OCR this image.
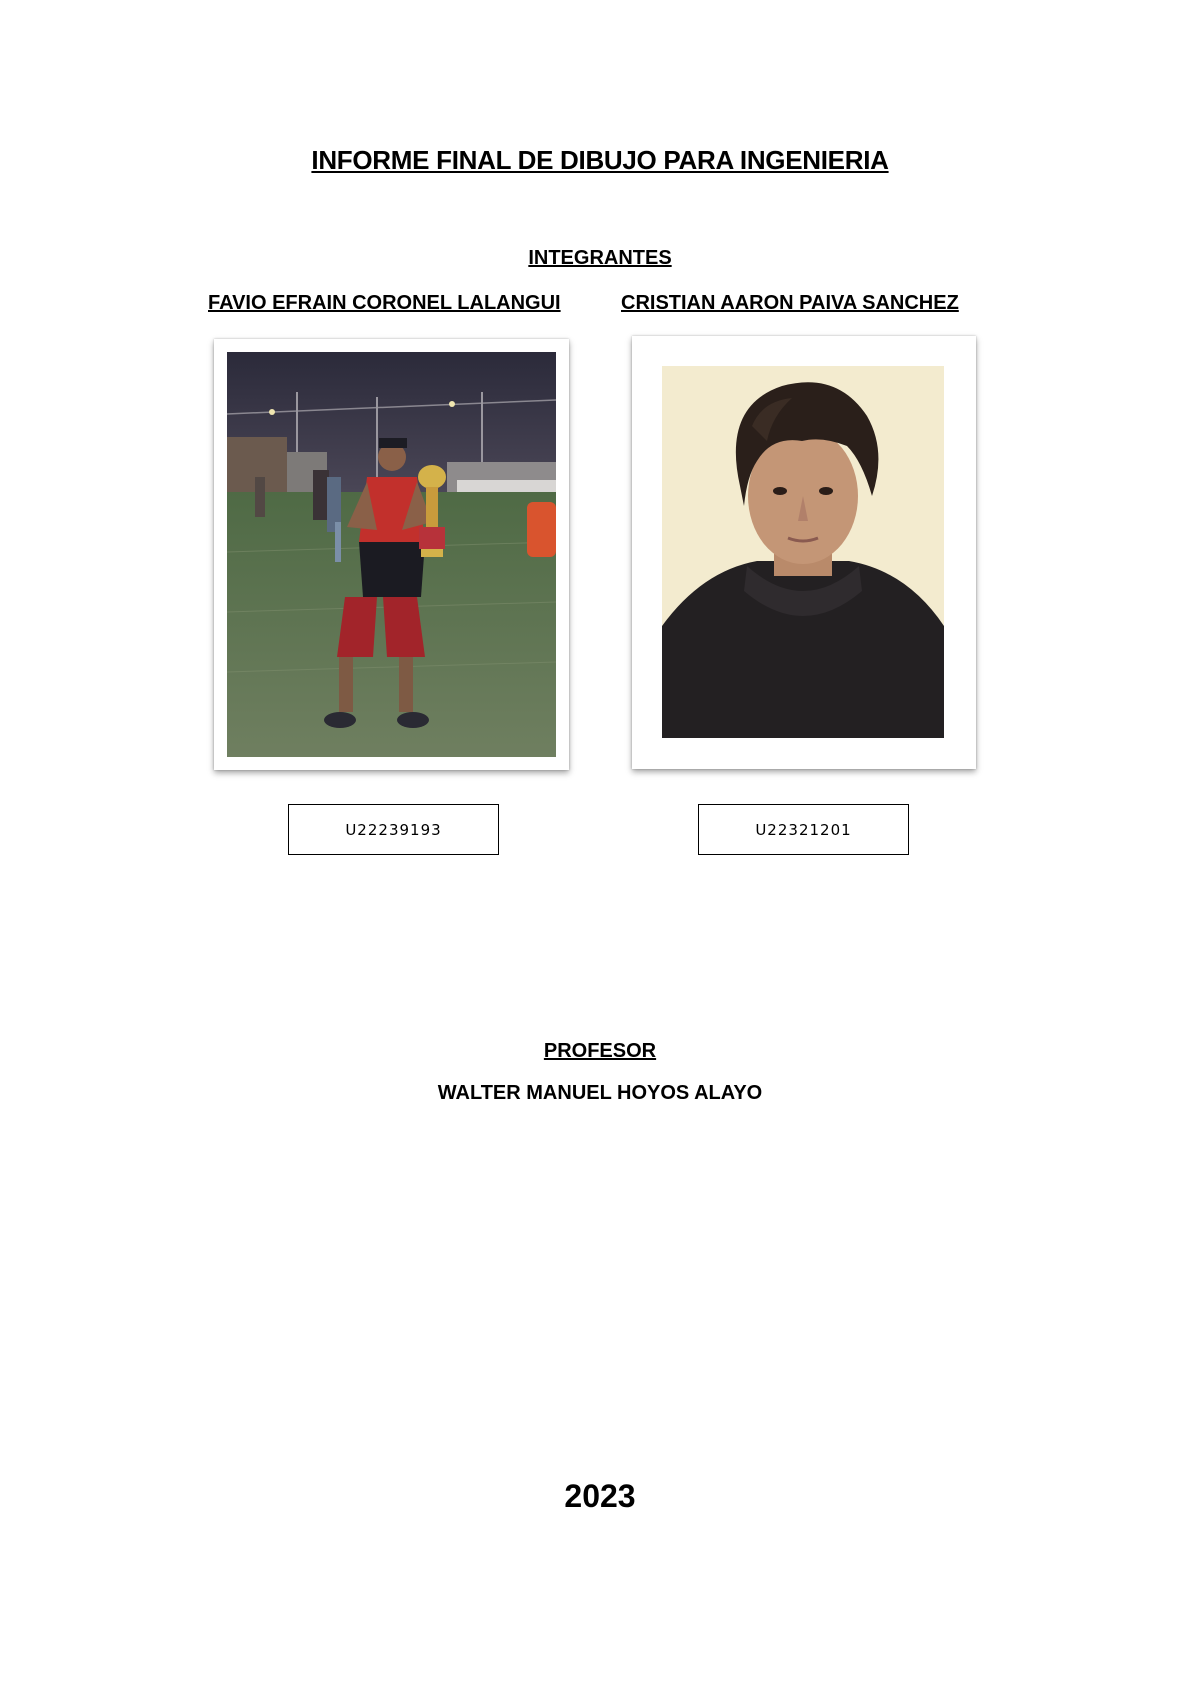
INFORME FINAL DE DIBUJO PARA INGENIERIA
INTEGRANTES
FAVIO EFRAIN CORONEL LALANGUI	CRISTIAN AARON PAIVA SANCHEZ
U22239193	U22321201
PROFESOR
WALTER MANUEL HOYOS ALAYO
2023
